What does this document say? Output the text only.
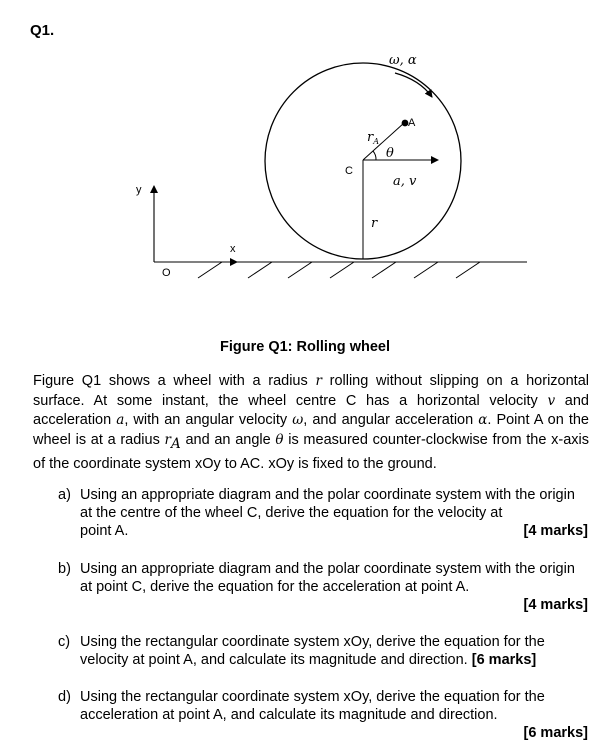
Q1.
ω, α
A
$r_A$
θ
a, v
C
r
y
x
O
Figure Q1: Rolling wheel
Figure Q1 shows a wheel with a radius r rolling without slipping on a horizontal surface. At some instant, the wheel centre C has a horizontal velocity v and acceleration a, with an angular velocity ω, and angular acceleration α. Point A on the wheel is at a radius $r_A$ and an angle θ is measured counter-clockwise from the x-axis of the coordinate system xOy to AC. xOy is fixed to the ground.
a) Using an appropriate diagram and the polar coordinate system with the origin at the centre of the wheel C, derive the equation for the velocity at
point A.	[4 marks]
b) Using an appropriate diagram and the polar coordinate system with the origin at point C, derive the equation for the acceleration at point A.
[4 marks]
c) Using the rectangular coordinate system xOy, derive the equation for the velocity at point A, and calculate its magnitude and direction. [6 marks]
d) Using the rectangular coordinate system xOy, derive the equation for the acceleration at point A, and calculate its magnitude and direction.
[6 marks]
